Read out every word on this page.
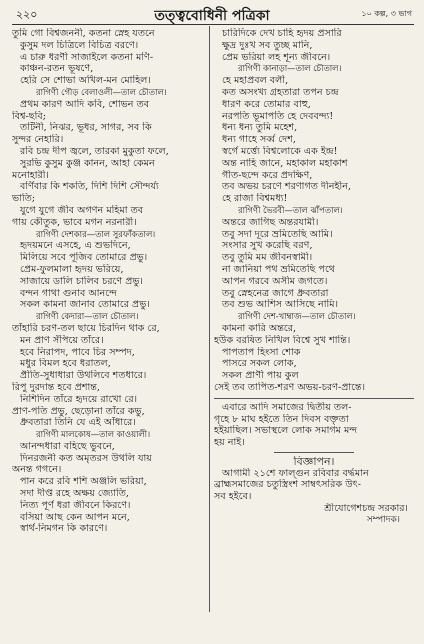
২২০	তত্ত্ববোধিনী পত্রিকা	১০ কল্প, ৩ ভাগ
তুমি গো বিশ্বজননী, কতনা স্নেহ যতনে
কুসুম দল চিত্রিলে বিচিত্র বরণে।
এ চারু ধরণী সাজাইলে কতনা মণি-
কাঞ্চন-রতন ভূষণে,
হেরি সে শোভা অখিল-মন মোহিল।
রাগিণী গৌড় বেলাওলী—তাল চৌতাল।
প্রথম কারণ আদি কবি, শোভন তব
বিশ্ব-ছবি;
তটিনী, নিঝর, ভূধর, সাগর, সব কি
সুন্দর নেহারি।
রবি চন্দ্র দীপ জ্বলে, তারকা মুকুতা ফলে,
সুরভি কুসুম কুঞ্জ কানন, আহা কেমন
মনোহারী।
বর্ণিবার কি শকতি, দিশি দিশি সৌন্দর্য্য
ভাতি;
যুগে যুগে জীব অগণন মহিমা তব
গায় কৌতুক, ভাবে মগন নরনারী।
রাগিণী দেশকার—তাল সুরফাঁকতাল।
হৃদয়মনে এসহে, এ শুভদিনে,
মিলিয়ে সবে পূজিব তোমারে প্রভু।
প্রেম-ফুলমালা হৃদয় ভরিয়ে,
সাজায়ে ডালি চালিব চরণে প্রভু।
বন্দন গাথা গুনাব আনন্দে
সকল কামনা জানাব তোমারে প্রভু।
রাগিণী কেদারা—তাল চৌতাল।
তাঁহারি চরণ-তল ছায়ে চিরদিন থাক রে,
মন প্রাণ সঁপিয়ে তাঁরে।
হবে নিরাপদ, পাবে চির সম্পদ,
মধুর বিমল হবে ধরাতল,
প্রীতি-সুধাধারা উথলিবে শতধারে।
রিপু দুরদান্ত হবে প্রশান্ত,
নিশিদিন তাঁরে হৃদয়ে রাখো রে।
প্রাণ-পতি প্রভু, ছেড়োনা তাঁরে কভু,
ধ্রুবতারা তিনি যে এই আঁধারে।
রাগিণী মালকোষ—তাল কাওয়ালী।
আনন্দধারা বহিছে ভুবনে,
দিনরজনী কত অমৃতরস উথলি যায়
অনন্ত গগনে।
পান করে রবি শশি অঞ্জলি ভরিয়া,
সদা দীপ্ত রহে অক্ষয় জ্যোতি,
নিত্য পূর্ণ ধরা জীবনে কিরণে।
বসিয়া আছ কেন আপন মনে,
স্বার্থ-নিমগন কি কারণে।
চারিদিকে দেখ চাহি হৃদয় প্রসারি
ক্ষুদ্র দুঃখ সব তুচ্ছ মানি,
প্রেম ভরিয়া লহ শূন্য জীবনে।
রাগিণী কানাড়া—তাল চৌতাল।
হে মহাপ্রবল বলী,
কত অসংখ্য গ্রহতারা তপন চন্দ্র
ধারণ করে তোমার বাহু,
নরপতি ভূমাপতি হে দেববন্দ্য!
ধন্য ধন্য তুমি মহেশ,
ধন্য গাহে সর্ব্ব দেশ,
স্বর্গে মর্ত্ত্যে বিশ্বলোকে এক ইন্দ্র!
অন্ত নাহি জানে, মহাকাল মহাকাশ
গীত-ছন্দে করে প্রদক্ষিণ,
তব অভয় চরণে শরণাগত দীনহীন,
হে রাজা বিশ্বমধ্য!
রাগিণী ভৈরবী—তাল ঝাঁপতাল।
অন্তরে জাগিছ অন্তরযামী।
তবু সদা দূরে ভ্রমিতেছি আমি।
সংসার সুখ করেছি বরণ,
তবু তুমি মম জীবনস্বামী।
না জানিয়া পথ ভ্রমিতেছি পথে
আপন গরবে অসীম জগতে।
তবু স্নেহনেত্র জাগে ধ্রুবতারা
তব শুভ আশিস আসিছে নামি।
রাগিণী দেশ-খাম্বাজ—তাল চৌতাল।
কামনা কারি অন্তরে,
হউক বরষিত নিখিল বিশ্বে সুখ শান্তি।
পাপতাপ হিংসা শোক
পাসরে সকল লোক,
সকল প্রাণী পায় কুল
সেই তব তাপিত-শরণ অভয়-চরণ-প্রান্তে।
এবারে আদি সমাজের দ্বিতীয় তল-
গৃহে ৮ মাঘ হইতে তিন দিবস বক্তৃতা
হইয়াছিল। সভাস্থলে লোক সমাগম মন্দ
হয় নাই।
বিজ্ঞাপন।
আগামী ২১শে ফাল্গুন রবিবার বর্দ্ধমান
ব্রাহ্মসমাজের চতুস্ত্রিংশ সাম্বৎসরিক উৎ-
সব হইবে।
শ্রীযোগেশচন্দ্র সরকার।
সম্পাদক।
